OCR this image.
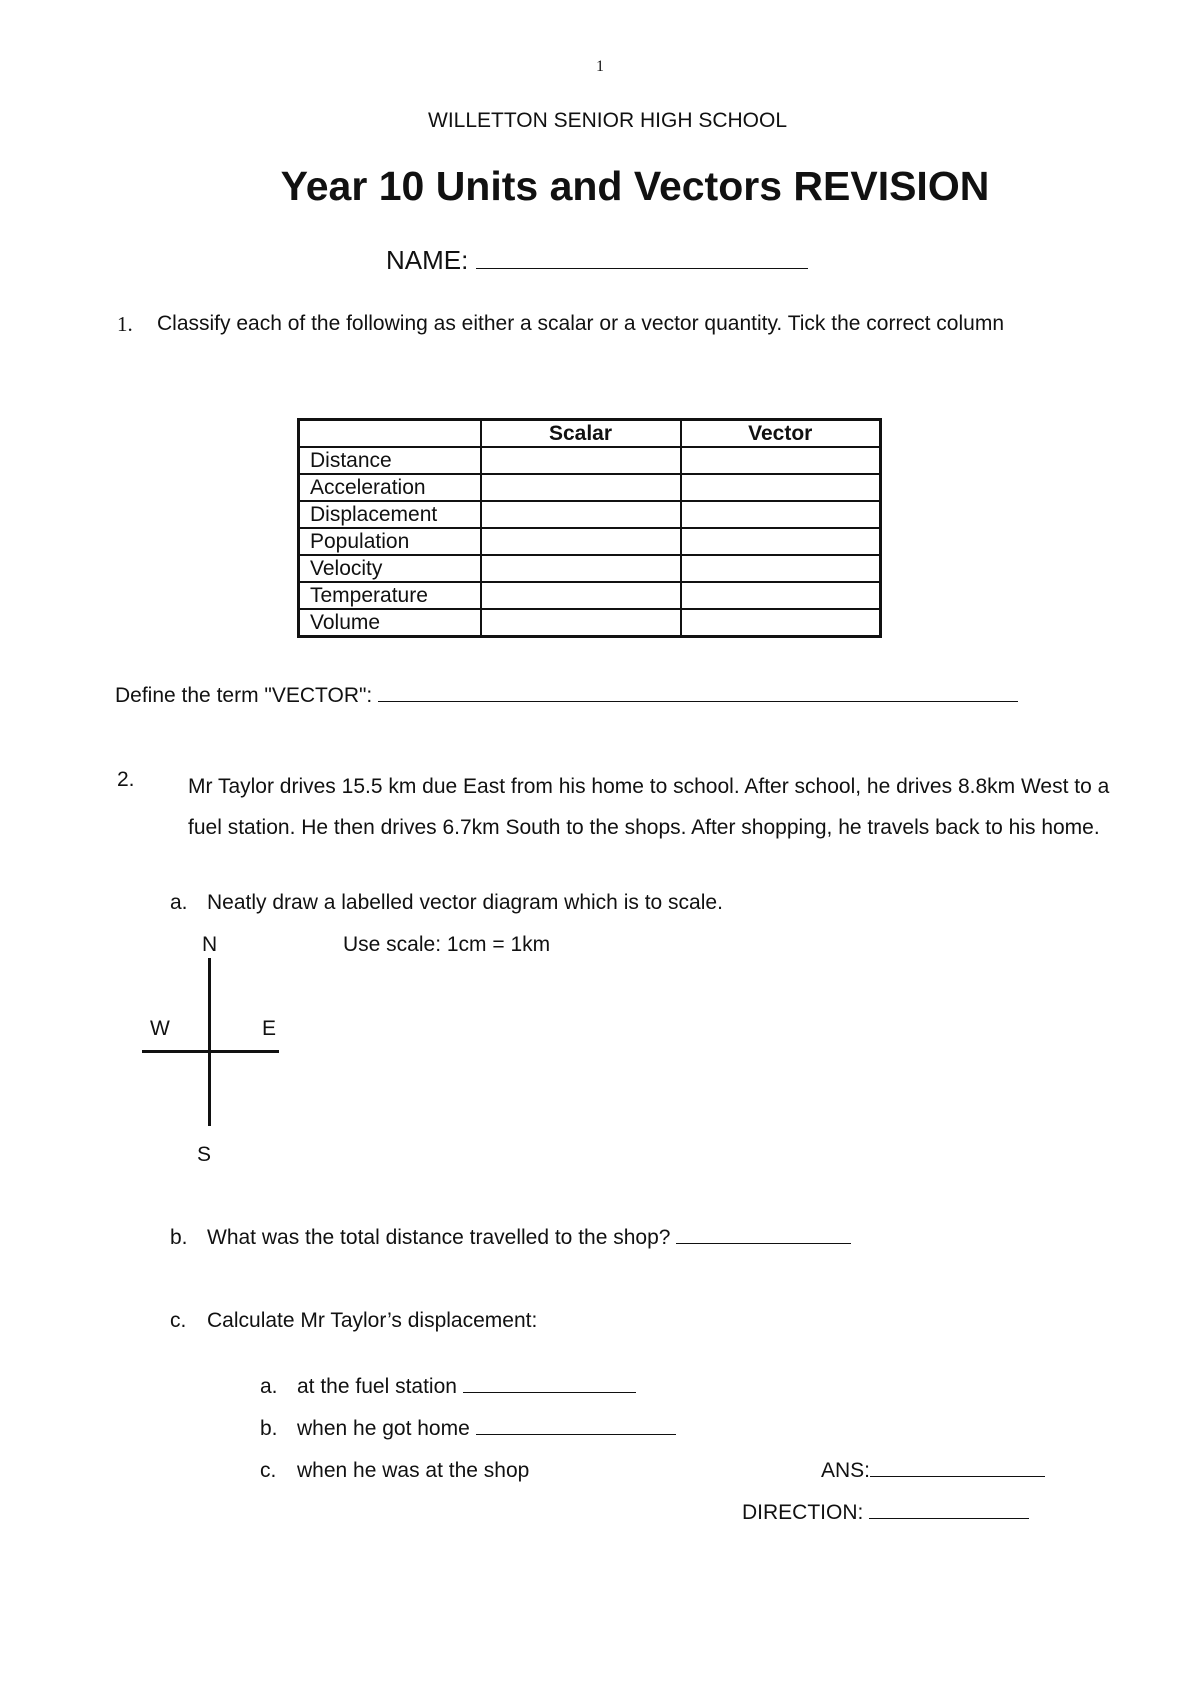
1
WILLETTON SENIOR HIGH SCHOOL
Year 10 Units and Vectors REVISION
NAME:
1. Classify each of the following as either a scalar or a vector quantity. Tick the correct column
	Scalar	Vector
Distance		
Acceleration		
Displacement		
Population		
Velocity		
Temperature		
Volume		
Define the term "VECTOR":
2.	Mr Taylor drives 15.5 km due East from his home to school. After school, he drives 8.8km West to a fuel station. He then drives 6.7km South to the shops. After shopping, he travels back to his home.
a. Neatly draw a labelled vector diagram which is to scale.
Use scale: 1cm = 1km
N
W	E
S
b. What was the total distance travelled to the shop?
c. Calculate Mr Taylor’s displacement:
a. at the fuel station
b. when he got home
c. when he was at the shop	ANS:
DIRECTION:
